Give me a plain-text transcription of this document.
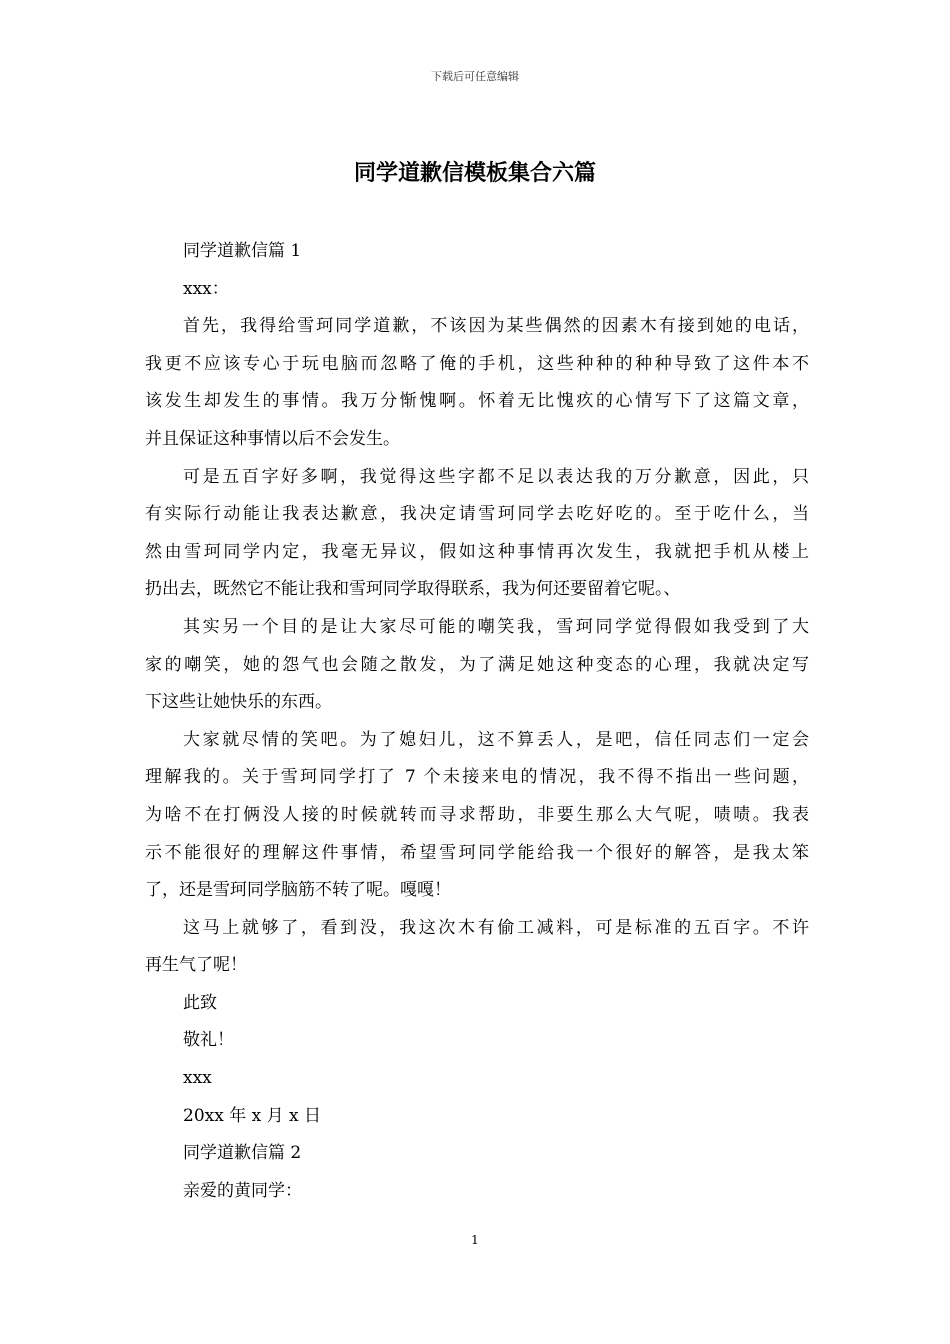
下载后可任意编辑
同学道歉信模板集合六篇
同学道歉信篇 1
xxx：
首先，我得给雪珂同学道歉，不该因为某些偶然的因素木有接到她的电话，
我更不应该专心于玩电脑而忽略了俺的手机，这些种种的种种导致了这件本不
该发生却发生的事情。我万分惭愧啊。怀着无比愧疚的心情写下了这篇文章，
并且保证这种事情以后不会发生。
可是五百字好多啊，我觉得这些字都不足以表达我的万分歉意，因此，只
有实际行动能让我表达歉意，我决定请雪珂同学去吃好吃的。至于吃什么，当
然由雪珂同学内定，我毫无异议，假如这种事情再次发生，我就把手机从楼上
扔出去，既然它不能让我和雪珂同学取得联系，我为何还要留着它呢。、
其实另一个目的是让大家尽可能的嘲笑我，雪珂同学觉得假如我受到了大
家的嘲笑，她的怨气也会随之散发，为了满足她这种变态的心理，我就决定写
下这些让她快乐的东西。
大家就尽情的笑吧。为了媳妇儿，这不算丢人，是吧，信任同志们一定会
理解我的。关于雪珂同学打了 7 个未接来电的情况，我不得不指出一些问题，
为啥不在打俩没人接的时候就转而寻求帮助，非要生那么大气呢，啧啧。我表
示不能很好的理解这件事情，希望雪珂同学能给我一个很好的解答，是我太笨
了，还是雪珂同学脑筋不转了呢。嘎嘎！
这马上就够了，看到没，我这次木有偷工减料，可是标准的五百字。不许
再生气了呢！
此致
敬礼！
xxx
20xx 年 x 月 x 日
同学道歉信篇 2
亲爱的黄同学：
1
